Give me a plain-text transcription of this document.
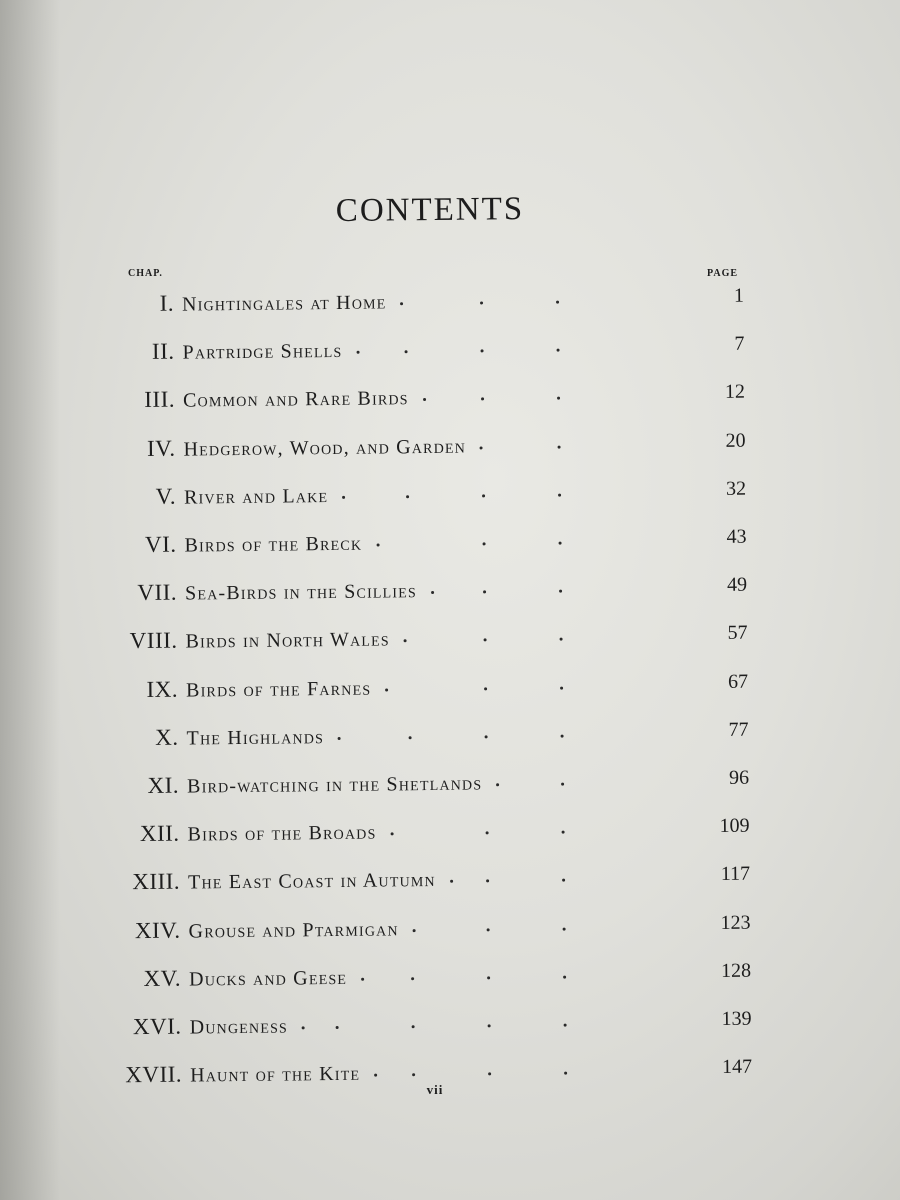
CONTENTS
CHAP.	PAGE
I. Nightingales at Home	1
II. Partridge Shells	7
III. Common and Rare Birds	12
IV. Hedgerow, Wood, and Garden	20
V. River and Lake	32
VI. Birds of the Breck	43
VII. Sea-Birds in the Scillies	49
VIII. Birds in North Wales	57
IX. Birds of the Farnes	67
X. The Highlands	77
XI. Bird-watching in the Shetlands	96
XII. Birds of the Broads	109
XIII. The East Coast in Autumn	117
XIV. Grouse and Ptarmigan	123
XV. Ducks and Geese	128
XVI. Dungeness	139
XVII. Haunt of the Kite	147
vii
